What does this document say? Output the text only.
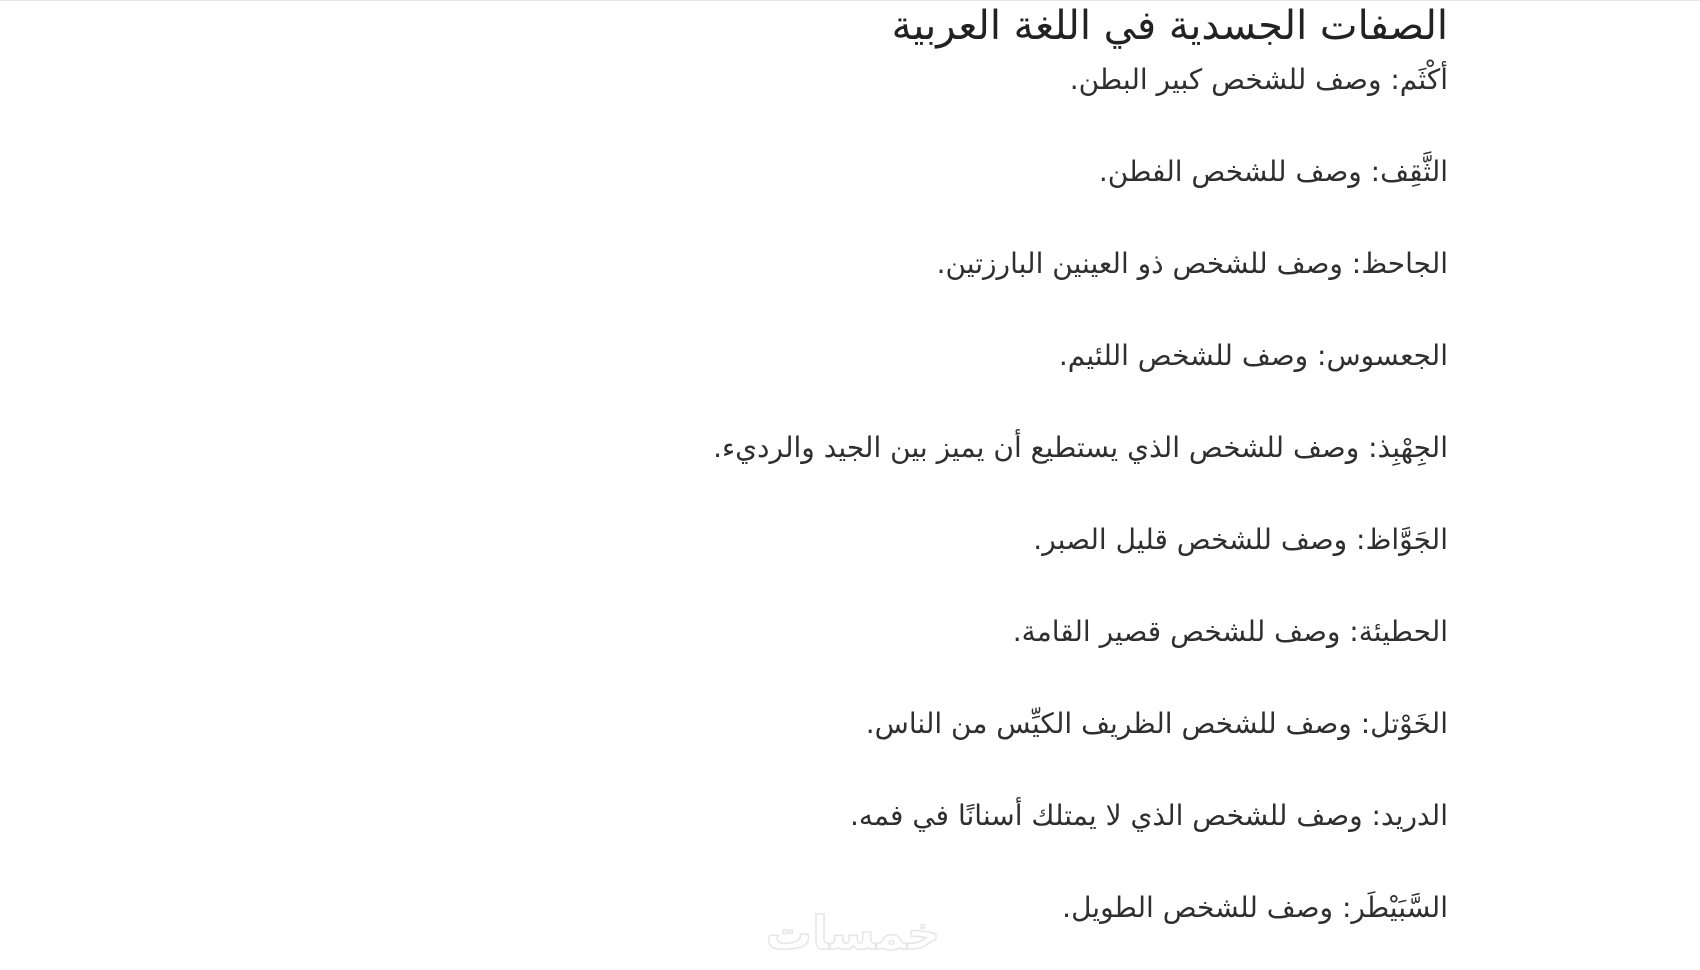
الصفات الجسدية في اللغة العربية
أكْثَم: وصف للشخص كبير البطن.
الثَّقِف: وصف للشخص الفطن.
الجاحظ: وصف للشخص ذو العينين البارزتين.
الجعسوس: وصف للشخص اللئيم.
الجِهْبِذ: وصف للشخص الذي يستطيع أن يميز بين الجيد والرديء.
الجَوَّاظ: وصف للشخص قليل الصبر.
الحطيئة: وصف للشخص قصير القامة.
الخَوْتل: وصف للشخص الظريف الكيِّس من الناس.
الدريد: وصف للشخص الذي لا يمتلك أسنانًا في فمه.
السَّبَيْطَر: وصف للشخص الطويل.
خمسات
